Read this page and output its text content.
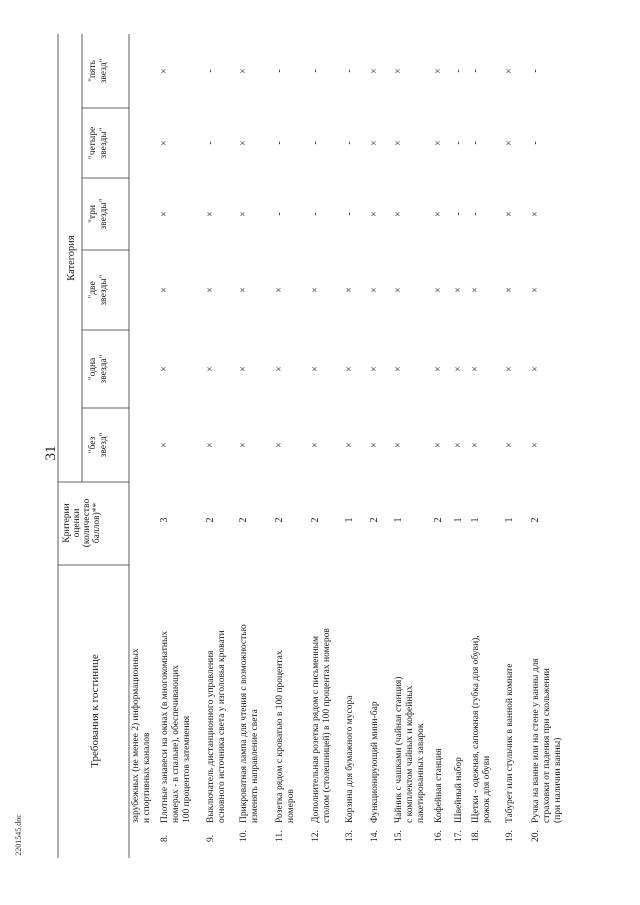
31
Требования к гостинице
Критерии оценки (количество баллов)**
Категория
"без звезд"
"одна звезда"
"две звезды"
"три звезды"
"четыре звезды"
"пять звезд"
зарубежных (не менее 2) информационных и спортивных каналов
8.
Плотные занавеси на окнах (в многокомнатных номерах - в спальне), обеспечивающих 100 процентов затемнения
3
×
×
×
×
×
×
9.
Выключатель дистанционного управления основного источника света у изголовья кровати
2
×
×
×
×
-
-
10.
Прикроватная лампа для чтения с возможностью изменять направление света
2
×
×
×
×
×
×
11.
Розетка рядом с кроватью в 100 процентах номеров
2
×
×
×
-
-
-
12.
Дополнительная розетка рядом с письменным столом (столешницей) в 100 процентах номеров
2
×
×
×
-
-
-
13.
Корзина для бумажного мусора
1
×
×
×
-
-
-
14.
Функционирующий мини-бар
2
×
×
×
×
×
×
15.
Чайник с чашками (чайная станция) с комплектом чайных и кофейных пакетированных заварок
1
×
×
×
×
×
×
16.
Кофейная станция
2
×
×
×
×
×
×
17.
Швейный набор
1
×
×
×
-
-
-
18.
Щетки - одежная, сапожная (губка для обуви), рожок для обуви
1
×
×
×
-
-
-
19.
Табурет или стульчик в ванной комнате
1
×
×
×
×
×
×
20.
Ручка на ванне или на стене у ванны для страховки от падения при скольжении (при наличии ванны)
2
×
×
×
×
-
-
2201545.doc
